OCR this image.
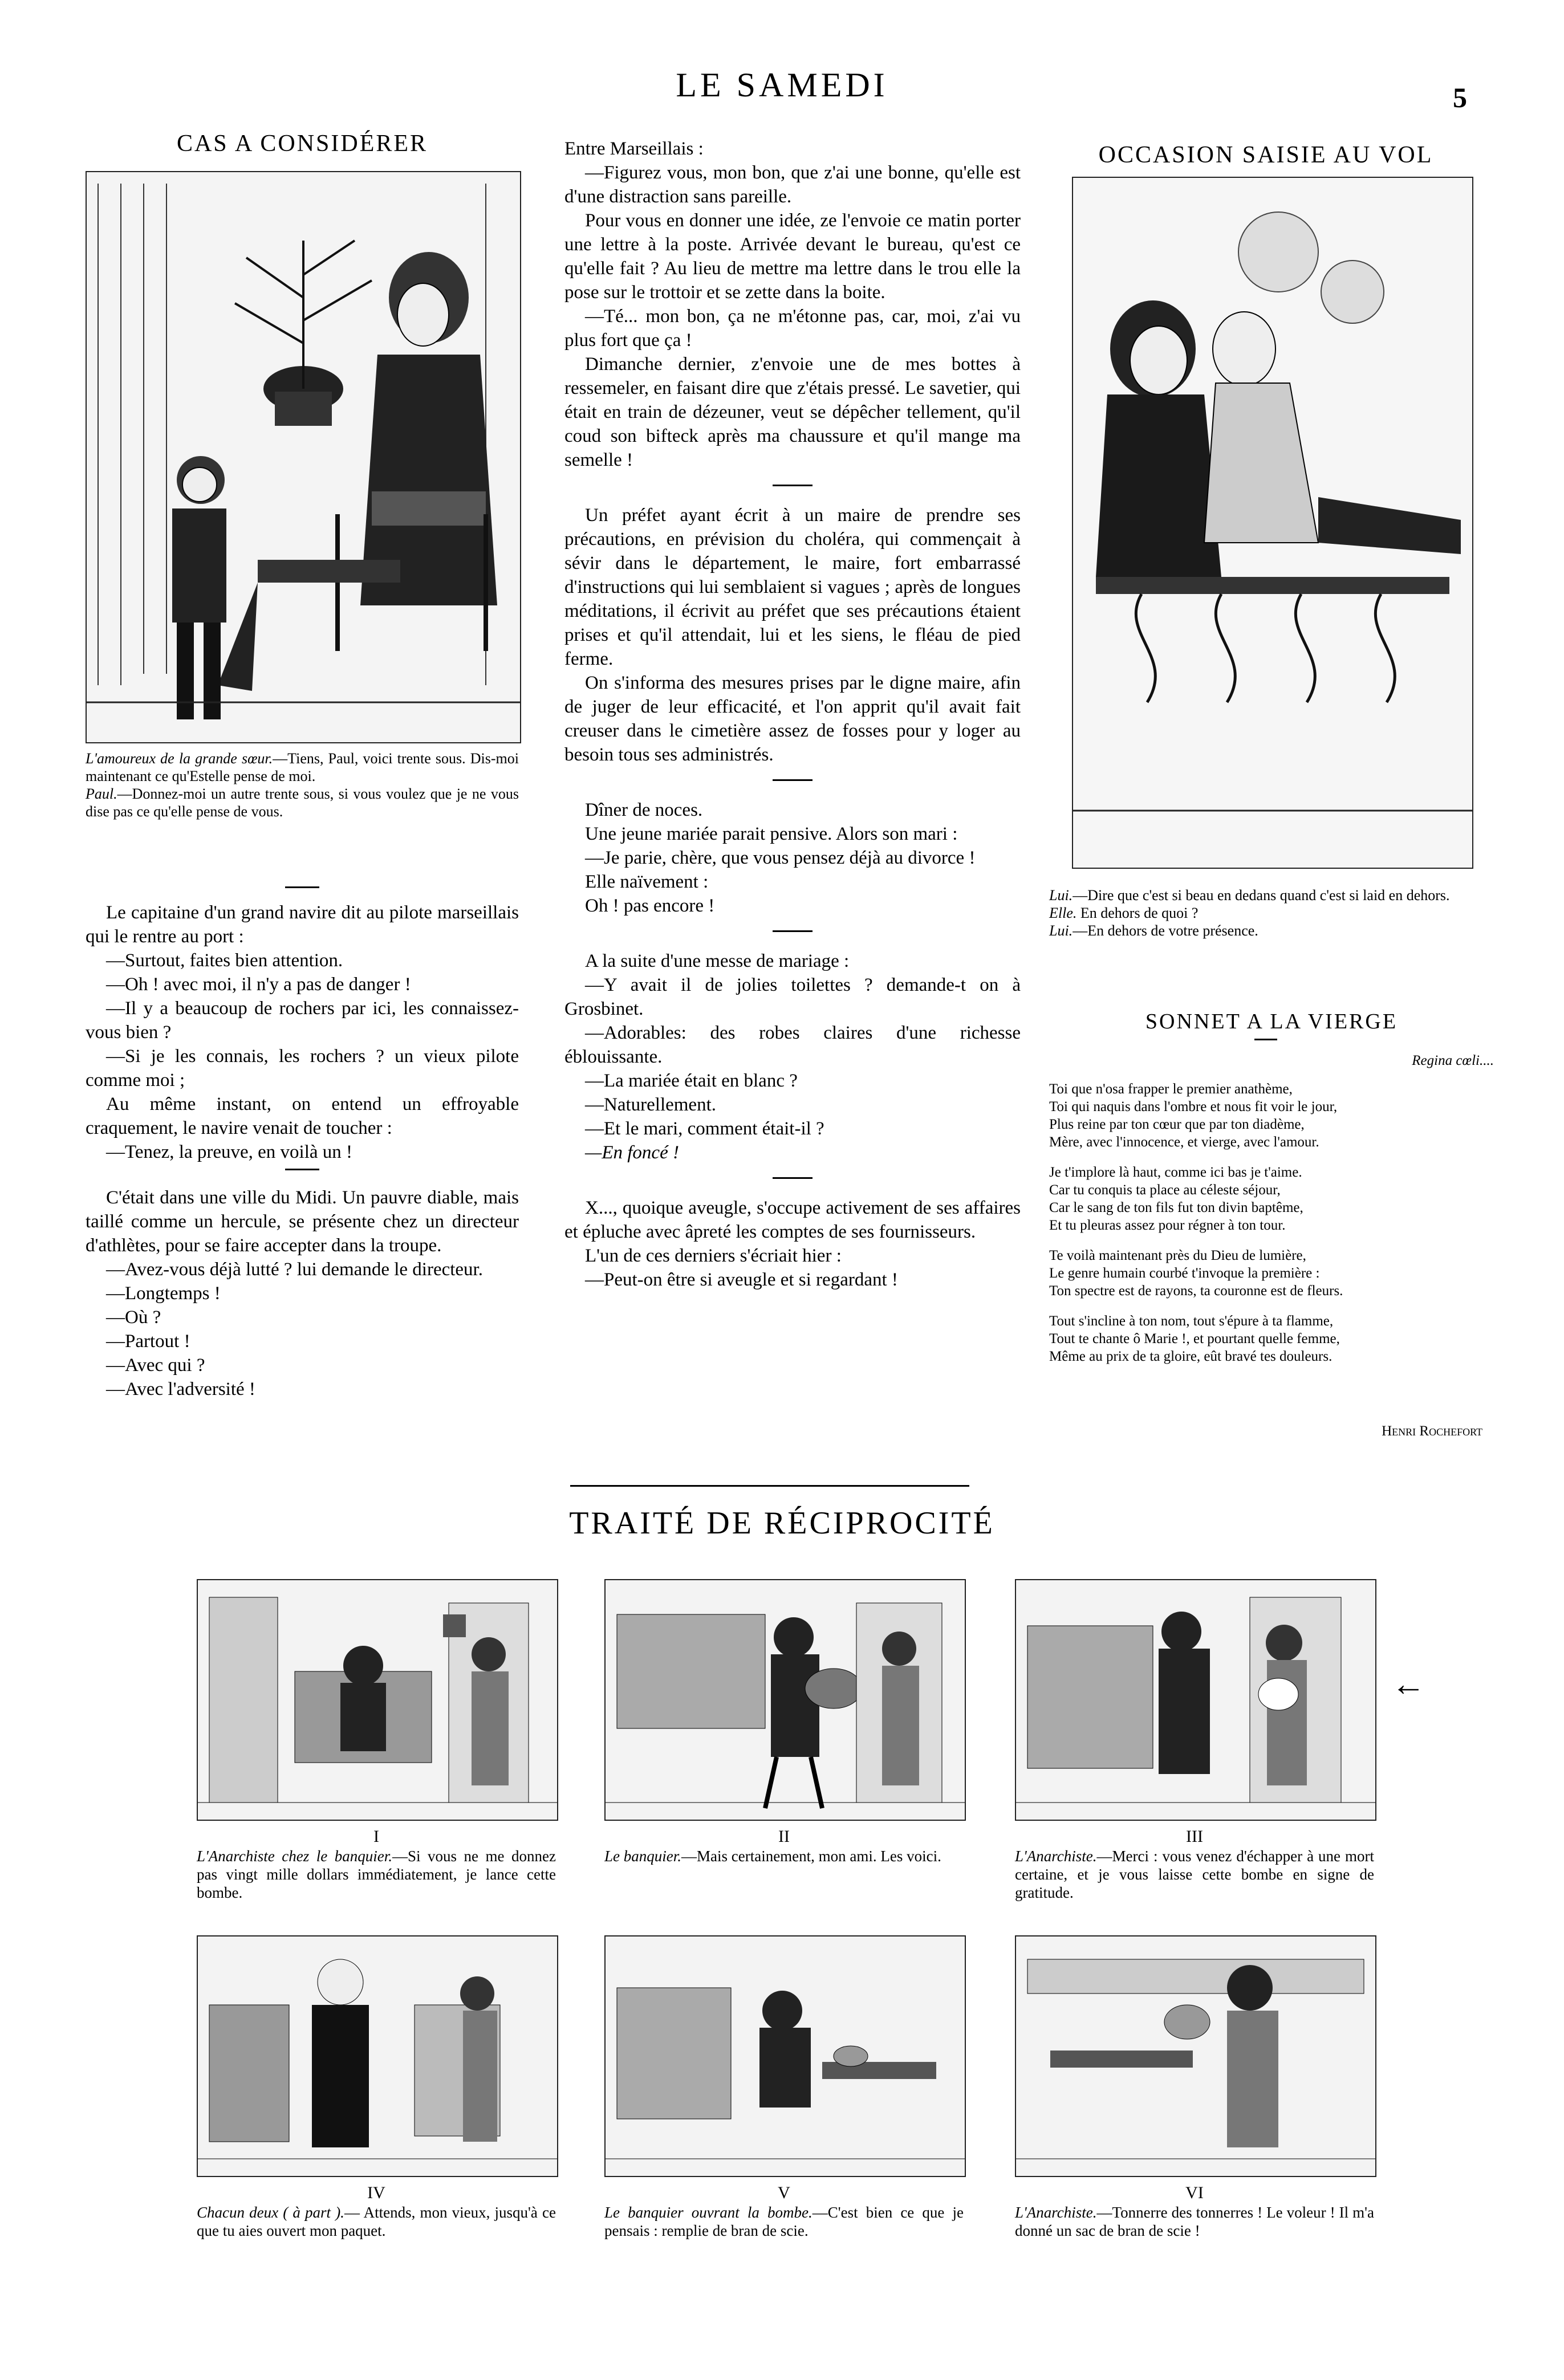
LE SAMEDI	5
CAS A CONSIDÉRER

L'amoureux de la grande sœur.—Tiens, Paul, voici trente sous. Dis-moi maintenant ce qu'Estelle pense de moi.

Paul.—Donnez-moi un autre trente sous, si vous voulez que je ne vous dise pas ce qu'elle pense de vous.

Le capitaine d'un grand navire dit au pilote marseillais qui le rentre au port :

—Surtout, faites bien attention.

—Oh ! avec moi, il n'y a pas de danger !

—Il y a beaucoup de rochers par ici, les connaissez-vous bien ?

—Si je les connais, les rochers ? un vieux pilote comme moi ;

Au même instant, on entend un effroyable craquement, le navire venait de toucher :

—Tenez, la preuve, en voilà un !

C'était dans une ville du Midi. Un pauvre diable, mais taillé comme un hercule, se présente chez un directeur d'athlètes, pour se faire accepter dans la troupe.

—Avez-vous déjà lutté ? lui demande le directeur.

—Longtemps !

—Où ?

—Partout !

—Avec qui ?

—Avec l'adversité !

Entre Marseillais :

—Figurez vous, mon bon, que z'ai une bonne, qu'elle est d'une distraction sans pareille.

Pour vous en donner une idée, ze l'envoie ce matin porter une lettre à la poste. Arrivée devant le bureau, qu'est ce qu'elle fait ? Au lieu de mettre ma lettre dans le trou elle la pose sur le trottoir et se zette dans la boite.

—Té... mon bon, ça ne m'étonne pas, car, moi, z'ai vu plus fort que ça !

Dimanche dernier, z'envoie une de mes bottes à ressemeler, en faisant dire que z'étais pressé. Le savetier, qui était en train de dézeuner, veut se dépêcher tellement, qu'il coud son bifteck après ma chaussure et qu'il mange ma semelle !

Un préfet ayant écrit à un maire de prendre ses précautions, en prévision du choléra, qui commençait à sévir dans le département, le maire, fort embarrassé d'instructions qui lui semblaient si vagues ; après de longues méditations, il écrivit au préfet que ses précautions étaient prises et qu'il attendait, lui et les siens, le fléau de pied ferme.

On s'informa des mesures prises par le digne maire, afin de juger de leur efficacité, et l'on apprit qu'il avait fait creuser dans le cimetière assez de fosses pour y loger au besoin tous ses administrés.

Dîner de noces.

Une jeune mariée parait pensive. Alors son mari :

—Je parie, chère, que vous pensez déjà au divorce !

Elle naïvement :

Oh ! pas encore !

A la suite d'une messe de mariage :

—Y avait il de jolies toilettes ? demande-t on à Grosbinet.

—Adorables: des robes claires d'une richesse éblouissante.

—La mariée était en blanc ?

—Naturellement.

—Et le mari, comment était-il ?

—En foncé !

X..., quoique aveugle, s'occupe activement de ses affaires et épluche avec âpreté les comptes de ses fournisseurs.

L'un de ces derniers s'écriait hier :

—Peut-on être si aveugle et si regardant !

OCCASION SAISIE AU VOL

Lui.—Dire que c'est si beau en dedans quand c'est si laid en dehors.

Elle. En dehors de quoi ?

Lui.—En dehors de votre présence.

SONNET A LA VIERGE
Regina cœli....
Toi que n'osa frapper le premier anathème,
Toi qui naquis dans l'ombre et nous fit voir le jour,
Plus reine par ton cœur que par ton diadème,
Mère, avec l'innocence, et vierge, avec l'amour.
Je t'implore là haut, comme ici bas je t'aime.
Car tu conquis ta place au céleste séjour,
Car le sang de ton fils fut ton divin baptême,
Et tu pleuras assez pour régner à ton tour.
Te voilà maintenant près du Dieu de lumière,
Le genre humain courbé t'invoque la première :
Ton spectre est de rayons, ta couronne est de fleurs.
Tout s'incline à ton nom, tout s'épure à ta flamme,
Tout te chante ô Marie !, et pourtant quelle femme,
Même au prix de ta gloire, eût bravé tes douleurs.
Henri Rochefort
TRAITÉ DE RÉCIPROCITÉ
←
I
L'Anarchiste chez le banquier.—Si vous ne me donnez pas vingt mille dollars immédiatement, je lance cette bombe.
II
Le banquier.—Mais certainement, mon ami. Les voici.
III
L'Anarchiste.—Merci : vous venez d'échapper à une mort certaine, et je vous laisse cette bombe en signe de gratitude.
IV
Chacun deux ( à part ).— Attends, mon vieux, jusqu'à ce que tu aies ouvert mon paquet.
V
Le banquier ouvrant la bombe.—C'est bien ce que je pensais : remplie de bran de scie.
VI
L'Anarchiste.—Tonnerre des tonnerres ! Le voleur ! Il m'a donné un sac de bran de scie !
